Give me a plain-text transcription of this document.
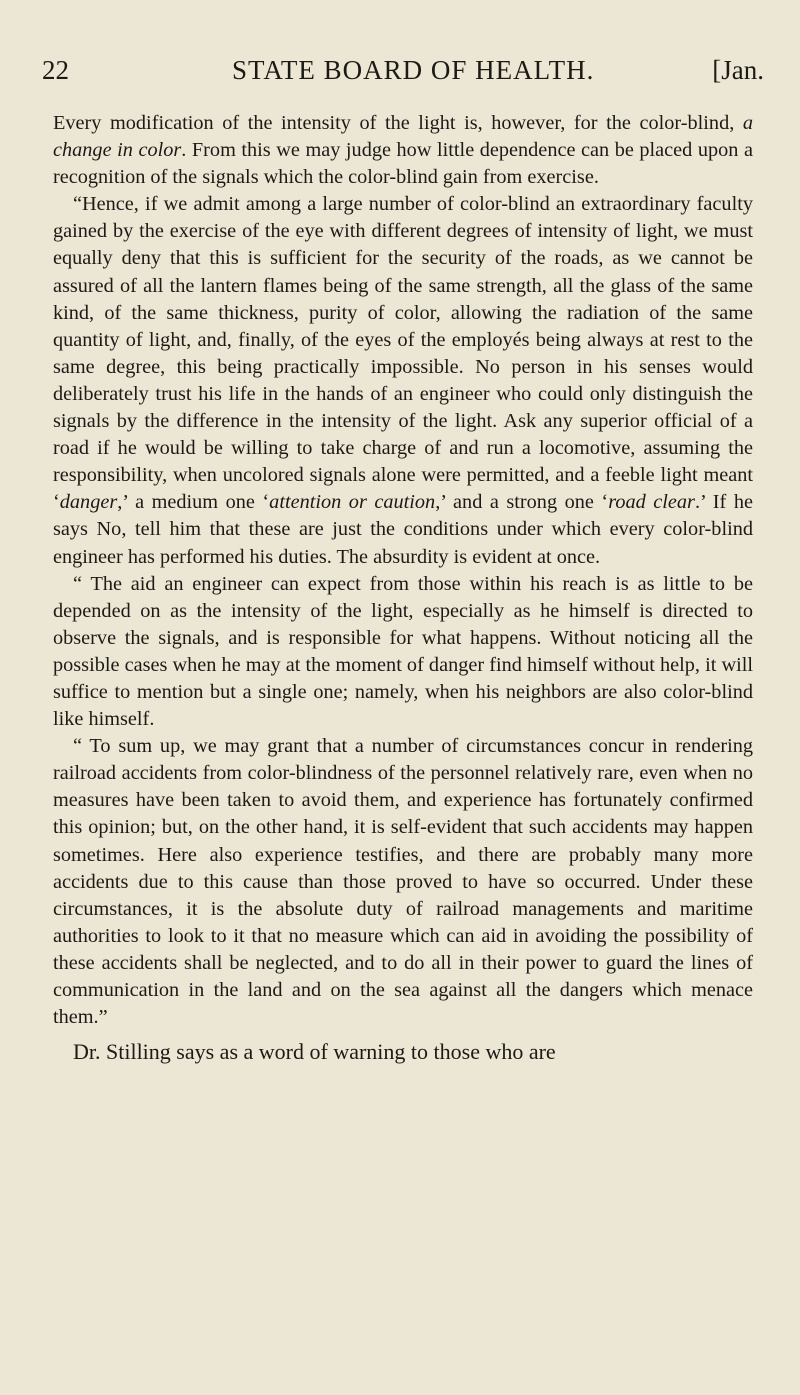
22	STATE BOARD OF HEALTH.	[Jan.

Every modification of the intensity of the light is, however, for the color-blind, a change in color. From this we may judge how little dependence can be placed upon a recognition of the signals which the color-blind gain from exercise.

“Hence, if we admit among a large number of color-blind an extraordinary faculty gained by the exercise of the eye with different degrees of intensity of light, we must equally deny that this is sufficient for the security of the roads, as we cannot be assured of all the lantern flames being of the same strength, all the glass of the same kind, of the same thickness, purity of color, allowing the radiation of the same quantity of light, and, finally, of the eyes of the employés being always at rest to the same degree, this being practically impossible. No person in his senses would deliberately trust his life in the hands of an engineer who could only distinguish the signals by the difference in the intensity of the light. Ask any superior official of a road if he would be willing to take charge of and run a locomotive, assuming the responsibility, when uncolored signals alone were permitted, and a feeble light meant ‘danger,’ a medium one ‘attention or caution,’ and a strong one ‘road clear.’ If he says No, tell him that these are just the conditions under which every color-blind engineer has performed his duties. The absurdity is evident at once.

“ The aid an engineer can expect from those within his reach is as little to be depended on as the intensity of the light, especially as he himself is directed to observe the signals, and is responsible for what happens. Without noticing all the possible cases when he may at the moment of danger find himself without help, it will suffice to mention but a single one; namely, when his neighbors are also color-blind like himself.

“ To sum up, we may grant that a number of circumstances concur in rendering railroad accidents from color-blindness of the personnel relatively rare, even when no measures have been taken to avoid them, and experience has fortunately confirmed this opinion; but, on the other hand, it is self-evident that such accidents may happen sometimes. Here also experience testifies, and there are probably many more accidents due to this cause than those proved to have so occurred. Under these circumstances, it is the absolute duty of railroad managements and maritime authorities to look to it that no measure which can aid in avoiding the possibility of these accidents shall be neglected, and to do all in their power to guard the lines of communication in the land and on the sea against all the dangers which menace them.”

Dr. Stilling says as a word of warning to those who are
